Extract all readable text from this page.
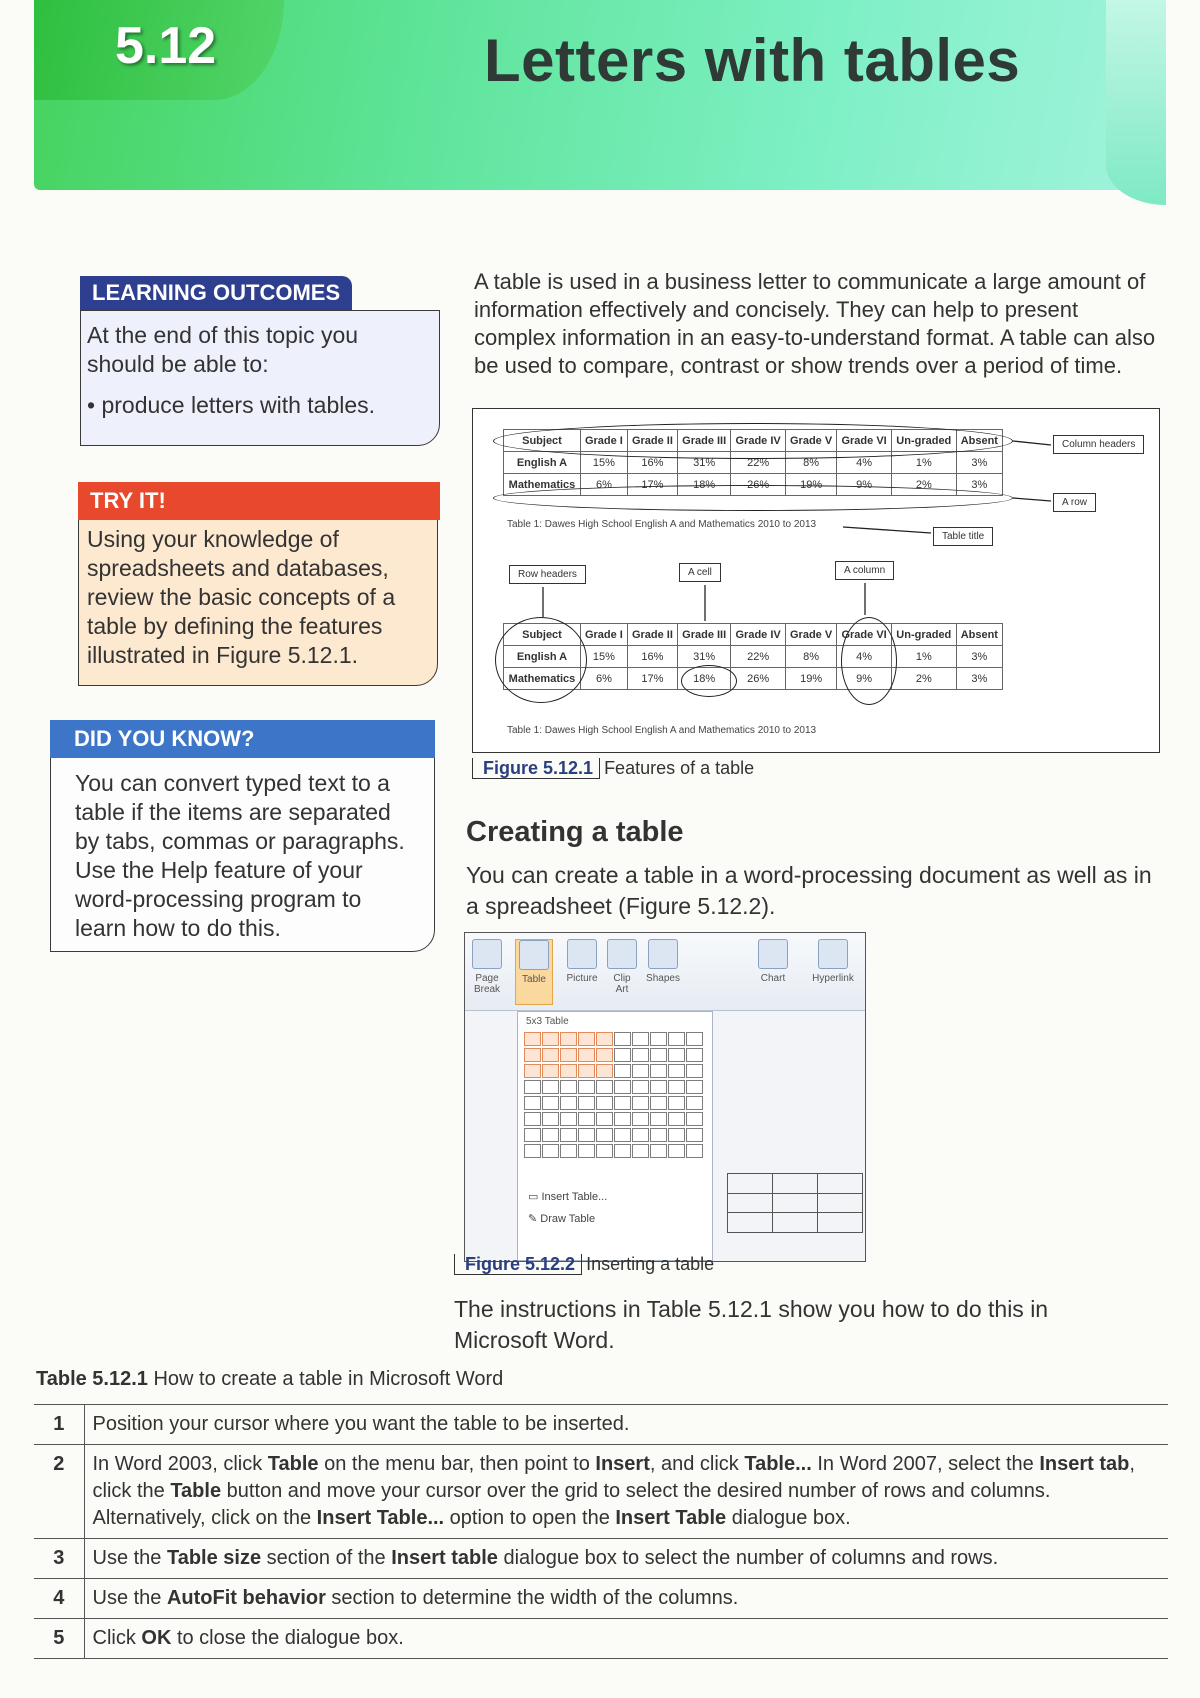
5.12	Letters with tables
At the end of this topic you should be able to:
• produce letters with tables.
LEARNING OUTCOMES
Using your knowledge of spreadsheets and databases, review the basic concepts of a table by defining the features illustrated in Figure 5.12.1.
TRY IT!
You can convert typed text to a table if the items are separated by tabs, commas or paragraphs. Use the Help feature of your word-processing program to learn how to do this.
DID YOU KNOW?
A table is used in a business letter to communicate a large amount of information effectively and concisely. They can help to present complex information in an easy-to-understand format. A table can also be used to compare, contrast or show trends over a period of time.
Subject	Grade I	Grade II	Grade III	Grade IV	Grade V	Grade VI	Un-graded	Absent
English A	15%	16%	31%	22%	8%	4%	1%	3%
Mathematics	6%	17%	18%	26%	19%	9%	2%	3%
Table 1: Dawes High School English A and Mathematics 2010 to 2013
Column headers
A row
Table title
Row headers	A cell	A column
Subject	Grade I	Grade II	Grade III	Grade IV	Grade V	Grade VI	Un-graded	Absent
English A	15%	16%	31%	22%	8%	4%	1%	3%
Mathematics	6%	17%	18%	26%	19%	9%	2%	3%
Table 1: Dawes High School English A and Mathematics 2010 to 2013
Figure 5.12.1 Features of a table
Creating a table
You can create a table in a word-processing document as well as in a spreadsheet (Figure 5.12.2).
Page Break
Table	Picture	Clip Art
Shapes	Chart	Hyperlink
5x3 Table
▭ Insert Table...
✎ Draw Table

Figure 5.12.2 Inserting a table
The instructions in Table 5.12.1 show you how to do this in Microsoft Word.
Table 5.12.1 How to create a table in Microsoft Word
1	Position your cursor where you want the table to be inserted.
2	In Word 2003, click Table on the menu bar, then point to Insert, and click Table... In Word 2007, select the Insert tab, click the Table button and move your cursor over the grid to select the desired number of rows and columns. Alternatively, click on the Insert Table... option to open the Insert Table dialogue box.
3	Use the Table size section of the Insert table dialogue box to select the number of columns and rows.
4	Use the AutoFit behavior section to determine the width of the columns.
5	Click OK to close the dialogue box.
